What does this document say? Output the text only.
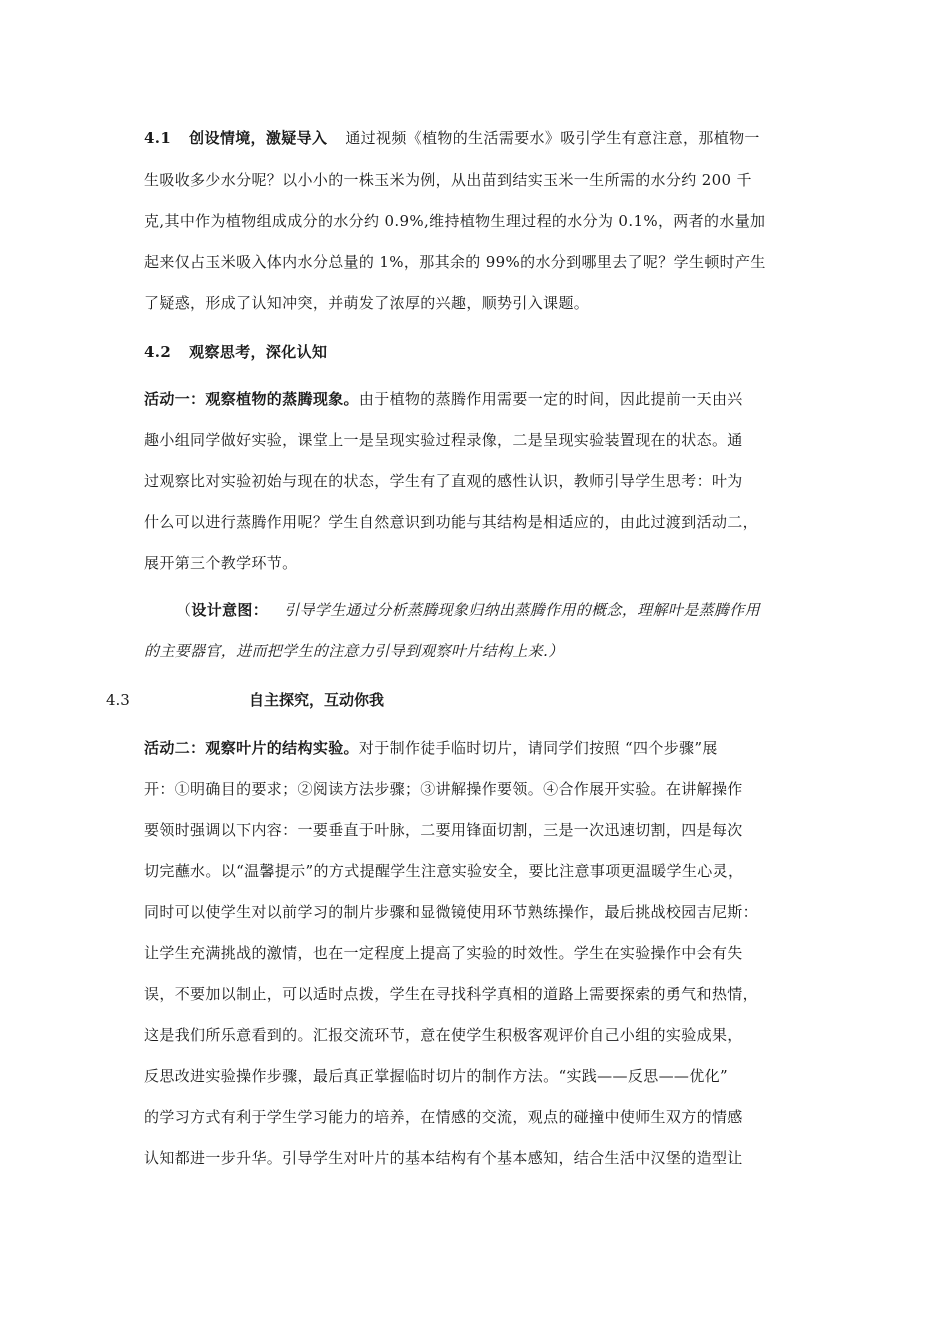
4.1 创设情境，激疑导入 通过视频《植物的生活需要水》吸引学生有意注意，那植物一
生吸收多少水分呢？以小小的一株玉米为例，从出苗到结实玉米一生所需的水分约 200 千
克,其中作为植物组成成分的水分约 0.9%,维持植物生理过程的水分为 0.1%，两者的水量加
起来仅占玉米吸入体内水分总量的 1%，那其余的 99%的水分到哪里去了呢？学生顿时产生
了疑惑，形成了认知冲突，并萌发了浓厚的兴趣，顺势引入课题。
4.2 观察思考，深化认知
活动一：观察植物的蒸腾现象。由于植物的蒸腾作用需要一定的时间，因此提前一天由兴
趣小组同学做好实验，课堂上一是呈现实验过程录像，二是呈现实验装置现在的状态。通
过观察比对实验初始与现在的状态，学生有了直观的感性认识，教师引导学生思考：叶为
什么可以进行蒸腾作用呢？学生自然意识到功能与其结构是相适应的，由此过渡到活动二，
展开第三个教学环节。
（设计意图： 引导学生通过分析蒸腾现象归纳出蒸腾作用的概念，理解叶是蒸腾作用
的主要器官，进而把学生的注意力引导到观察叶片结构上来.）
4.3	自主探究，互动你我
活动二：观察叶片的结构实验。对于制作徒手临时切片，请同学们按照 “四个步骤”展
开：①明确目的要求；②阅读方法步骤；③讲解操作要领。④合作展开实验。在讲解操作
要领时强调以下内容：一要垂直于叶脉，二要用锋面切割，三是一次迅速切割，四是每次
切完蘸水。以“温馨提示”的方式提醒学生注意实验安全，要比注意事项更温暖学生心灵，
同时可以使学生对以前学习的制片步骤和显微镜使用环节熟练操作，最后挑战校园吉尼斯：
让学生充满挑战的激情，也在一定程度上提高了实验的时效性。学生在实验操作中会有失
误，不要加以制止，可以适时点拨，学生在寻找科学真相的道路上需要探索的勇气和热情，
这是我们所乐意看到的。汇报交流环节，意在使学生积极客观评价自己小组的实验成果，
反思改进实验操作步骤，最后真正掌握临时切片的制作方法。“实践——反思——优化”
的学习方式有利于学生学习能力的培养，在情感的交流，观点的碰撞中使师生双方的情感
认知都进一步升华。引导学生对叶片的基本结构有个基本感知，结合生活中汉堡的造型让
